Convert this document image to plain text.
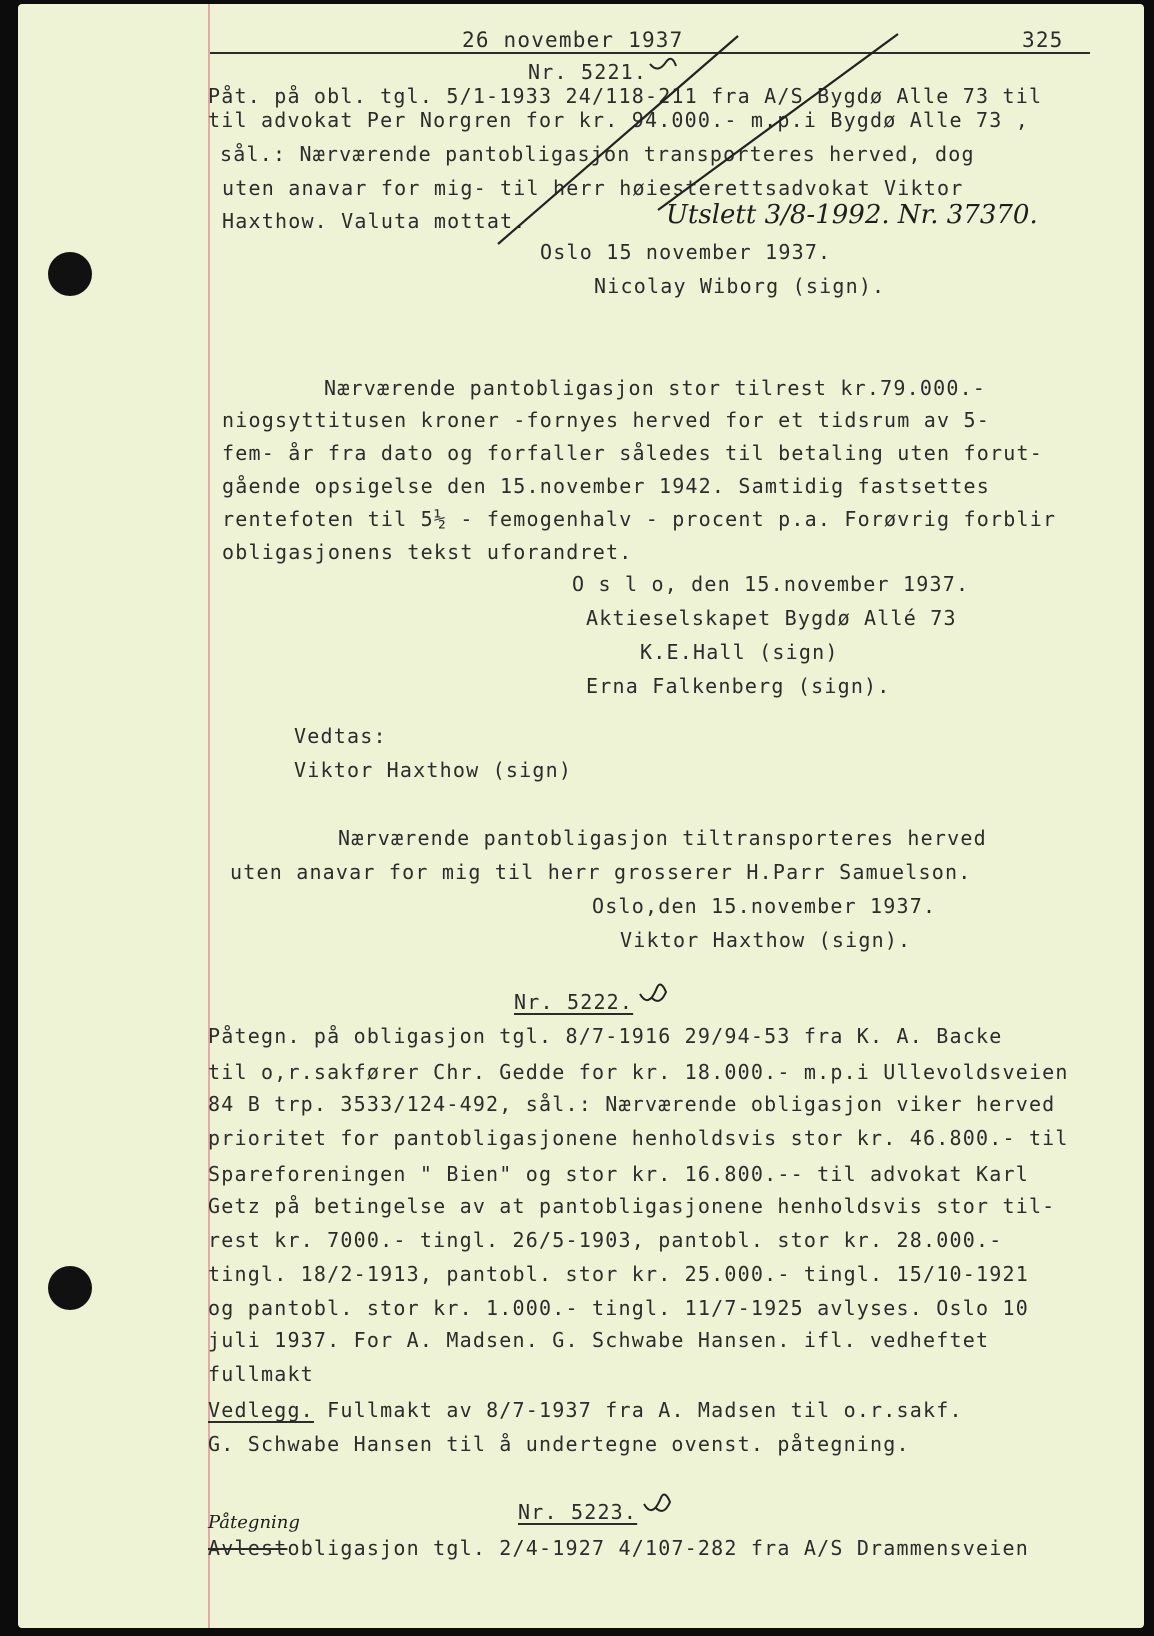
26 november 1937	325
Nr. 5221.
Påt. på obl. tgl. 5/1-1933 24/118-211 fra A/S Bygdø Alle 73 til
til advokat Per Norgren for kr. 94.000.- m.p.i Bygdø Alle 73 ,
sål.: Nærværende pantobligasjon transporteres herved, dog
uten anavar for mig- til herr høiesterettsadvokat Viktor
Haxthow. Valuta mottat.	Utslett 3/8-1992. Nr. 37370.
Oslo 15 november 1937.
Nicolay Wiborg (sign).
Nærværende pantobligasjon stor tilrest kr.79.000.-
niogsyttitusen kroner -fornyes herved for et tidsrum av 5-
fem- år fra dato og forfaller således til betaling uten forut-
gående opsigelse den 15.november 1942. Samtidig fastsettes
rentefoten til 5½ - femogenhalv - procent p.a. Forøvrig forblir
obligasjonens tekst uforandret.
O s l o, den 15.november 1937.
Aktieselskapet Bygdø Allé 73
K.E.Hall (sign)
Erna Falkenberg (sign).
Vedtas:
Viktor Haxthow (sign)
Nærværende pantobligasjon tiltransporteres herved
uten anavar for mig til herr grosserer H.Parr Samuelson.
Oslo,den 15.november 1937.
Viktor Haxthow (sign).
Nr. 5222.
Påtegn. på obligasjon tgl. 8/7-1916 29/94-53 fra K. A. Backe
til o,r.sakfører Chr. Gedde for kr. 18.000.- m.p.i Ullevoldsveien
84 B trp. 3533/124-492, sål.: Nærværende obligasjon viker herved
prioritet for pantobligasjonene henholdsvis stor kr. 46.800.- til
Spareforeningen " Bien" og stor kr. 16.800.-- til advokat Karl
Getz på betingelse av at pantobligasjonene henholdsvis stor til-
rest kr. 7000.- tingl. 26/5-1903, pantobl. stor kr. 28.000.-
tingl. 18/2-1913, pantobl. stor kr. 25.000.- tingl. 15/10-1921
og pantobl. stor kr. 1.000.- tingl. 11/7-1925 avlyses. Oslo 10
juli 1937. For A. Madsen. G. Schwabe Hansen. ifl. vedheftet
fullmakt
Vedlegg. Fullmakt av 8/7-1937 fra A. Madsen til o.r.sakf.
G. Schwabe Hansen til å undertegne ovenst. påtegning.
Nr. 5223.
Påtegning
Avlestobligasjon tgl. 2/4-1927 4/107-282 fra A/S Drammensveien
